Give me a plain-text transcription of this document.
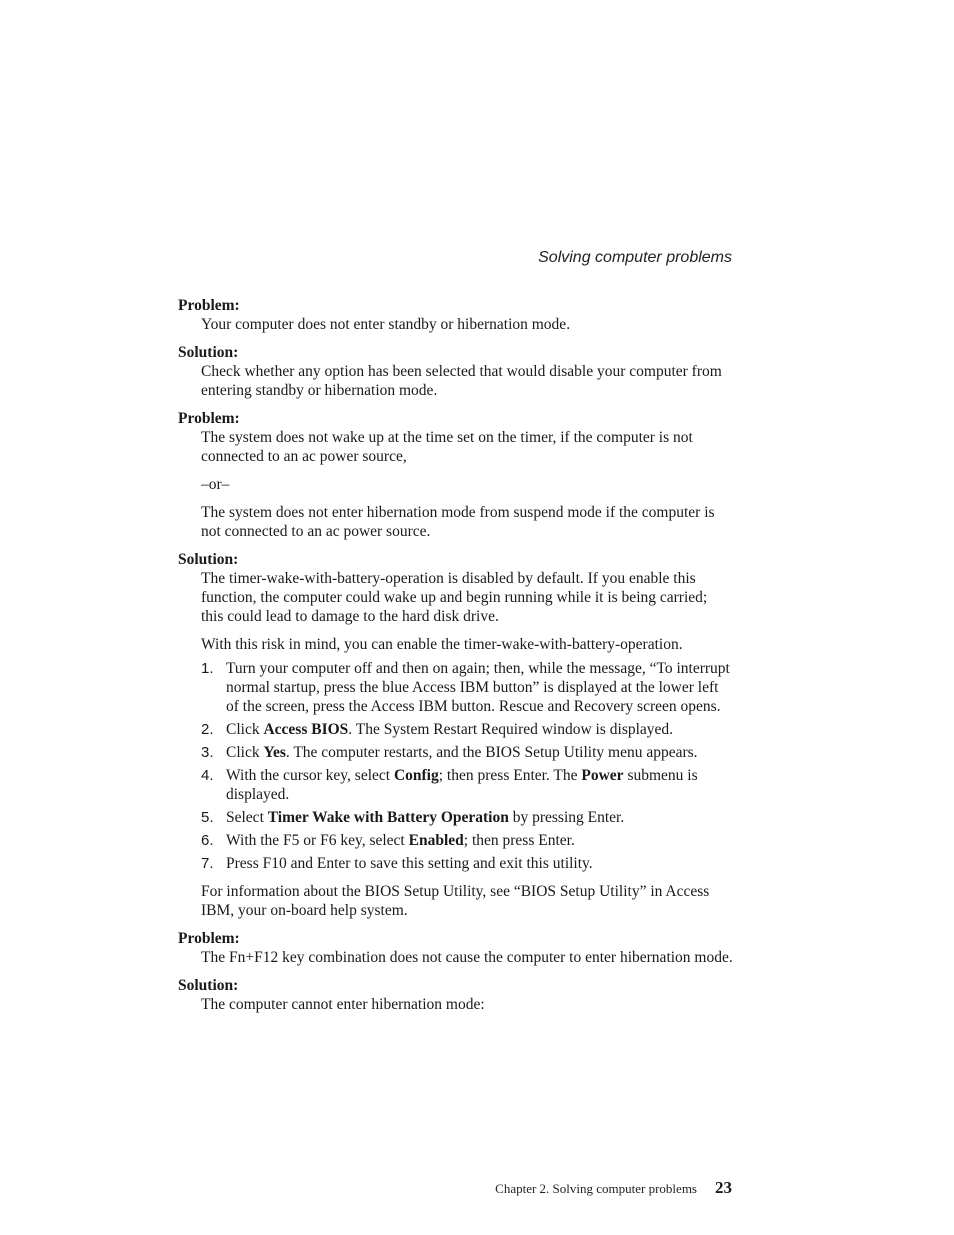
Solving computer problems
Problem:

Your computer does not enter standby or hibernation mode.

Solution:

Check whether any option has been selected that would disable your computer from entering standby or hibernation mode.

Problem:

The system does not wake up at the time set on the timer, if the computer is not connected to an ac power source,

–or–

The system does not enter hibernation mode from suspend mode if the computer is not connected to an ac power source.

Solution:

The timer-wake-with-battery-operation is disabled by default. If you enable this function, the computer could wake up and begin running while it is being carried; this could lead to damage to the hard disk drive.

With this risk in mind, you can enable the timer-wake-with-battery-operation.

1. Turn your computer off and then on again; then, while the message, “To interrupt normal startup, press the blue Access IBM button” is displayed at the lower left of the screen, press the Access IBM button. Rescue and Recovery screen opens.
2. Click Access BIOS. The System Restart Required window is displayed.
3. Click Yes. The computer restarts, and the BIOS Setup Utility menu appears.
4. With the cursor key, select Config; then press Enter. The Power submenu is displayed.
5. Select Timer Wake with Battery Operation by pressing Enter.
6. With the F5 or F6 key, select Enabled; then press Enter.
7. Press F10 and Enter to save this setting and exit this utility.

For information about the BIOS Setup Utility, see “BIOS Setup Utility” in Access IBM, your on-board help system.

Problem:

The Fn+F12 key combination does not cause the computer to enter hibernation mode.

Solution:

The computer cannot enter hibernation mode:

Chapter 2. Solving computer problems 23
